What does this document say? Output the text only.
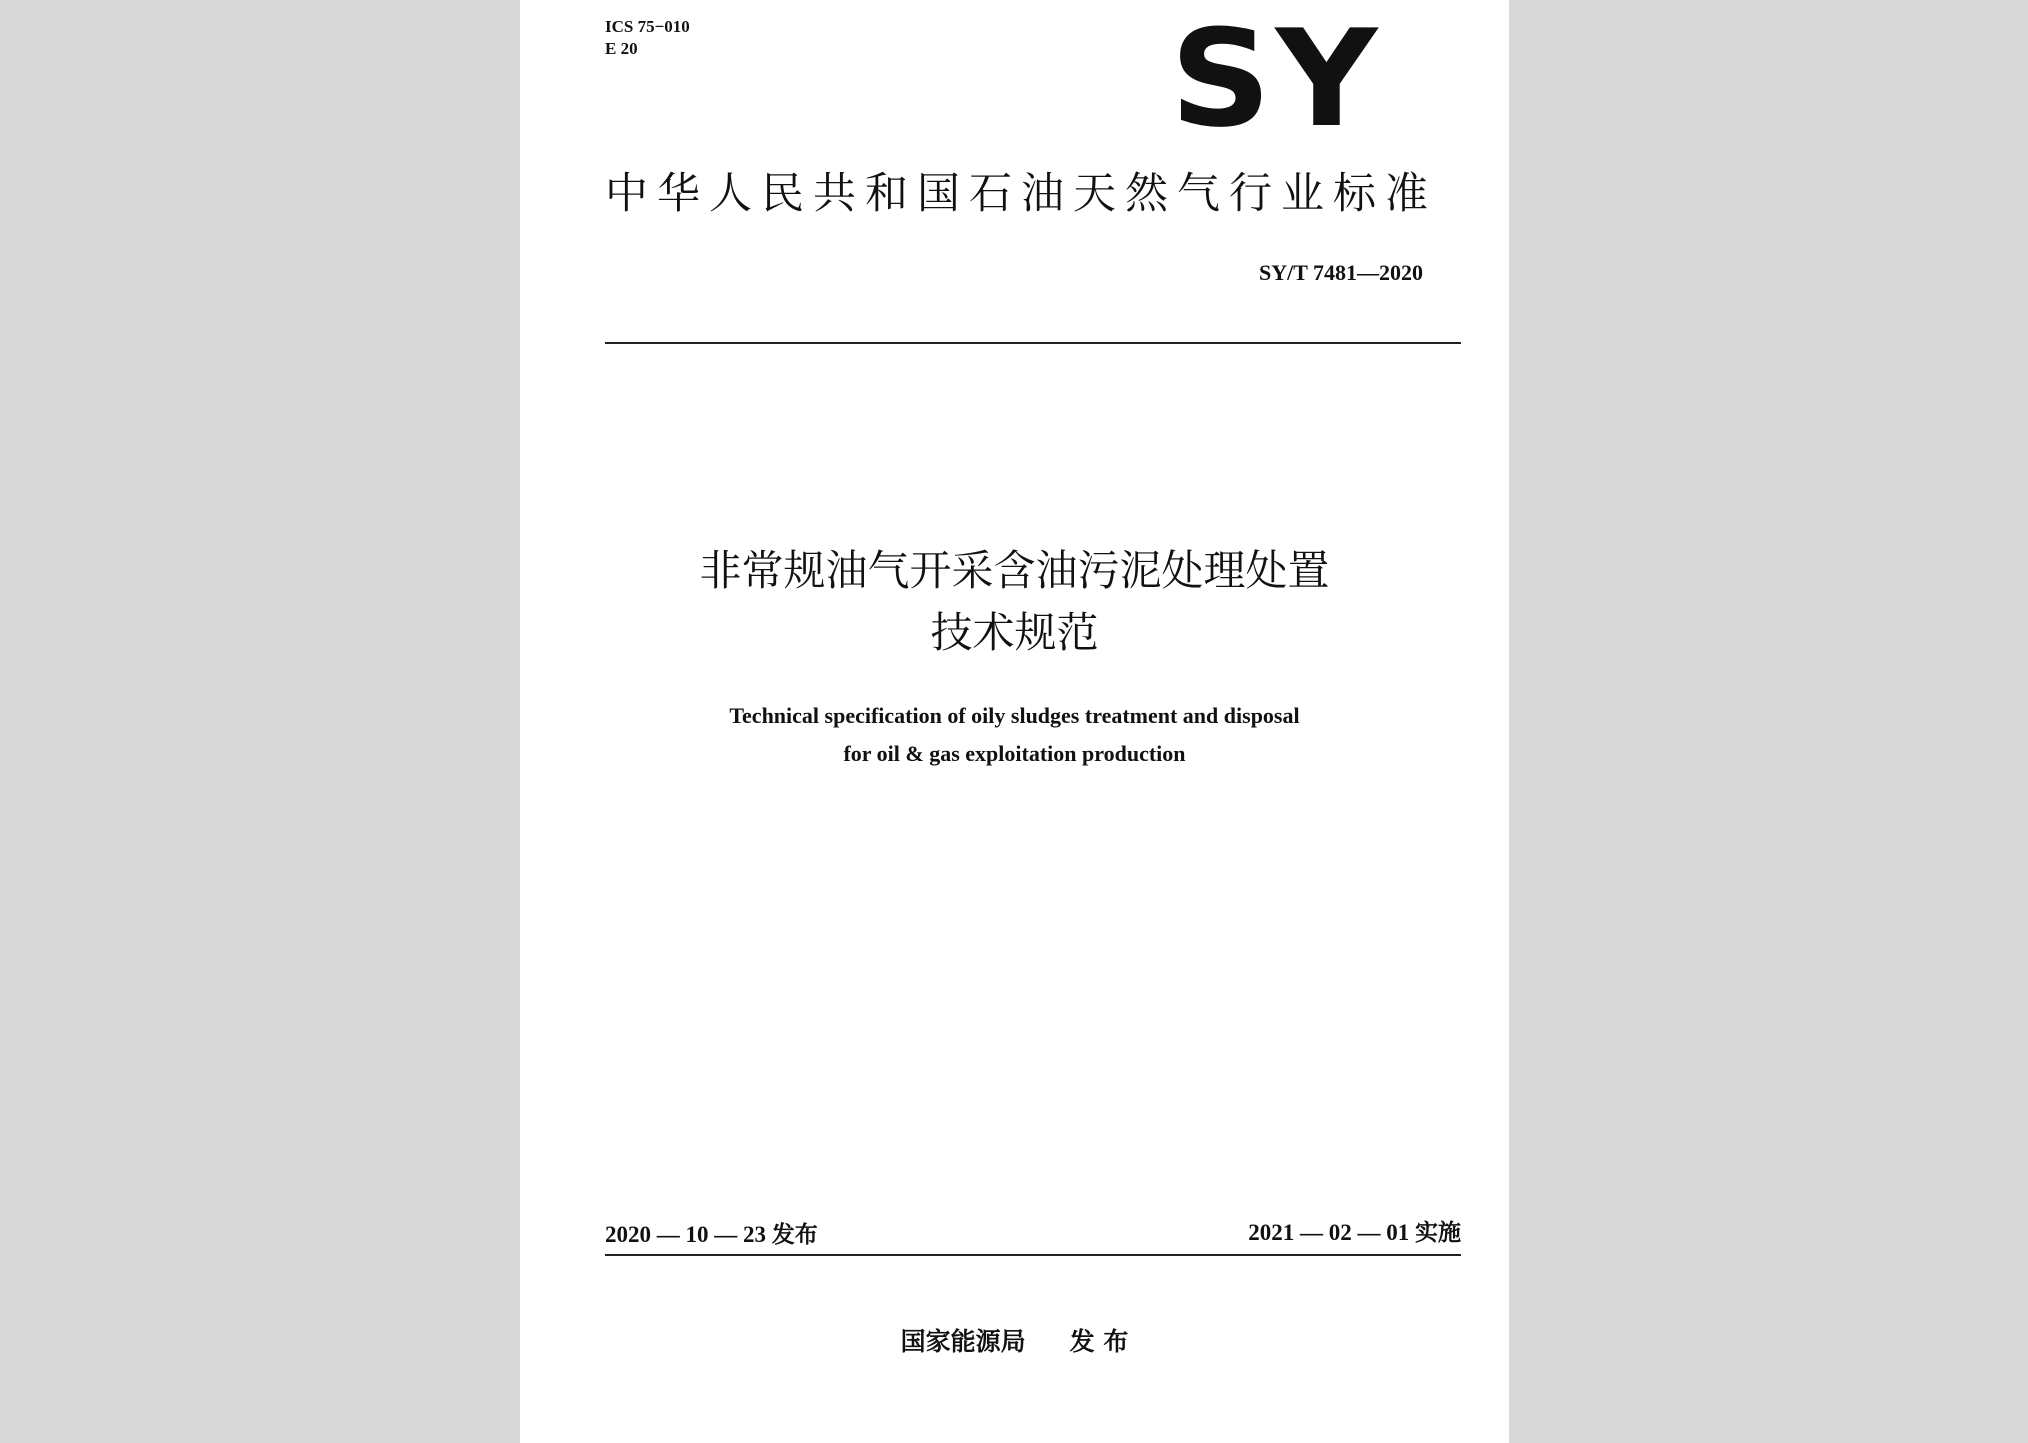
ICS 75−010
E 20	SY
中华人民共和国石油天然气行业标准
SY/T 7481—2020
非常规油气开采含油污泥处理处置
技术规范
Technical specification of oily sludges treatment and disposal
for oil & gas exploitation production
2020 — 10 — 23 发布	2021 — 02 — 01 实施
国家能源局 发 布
